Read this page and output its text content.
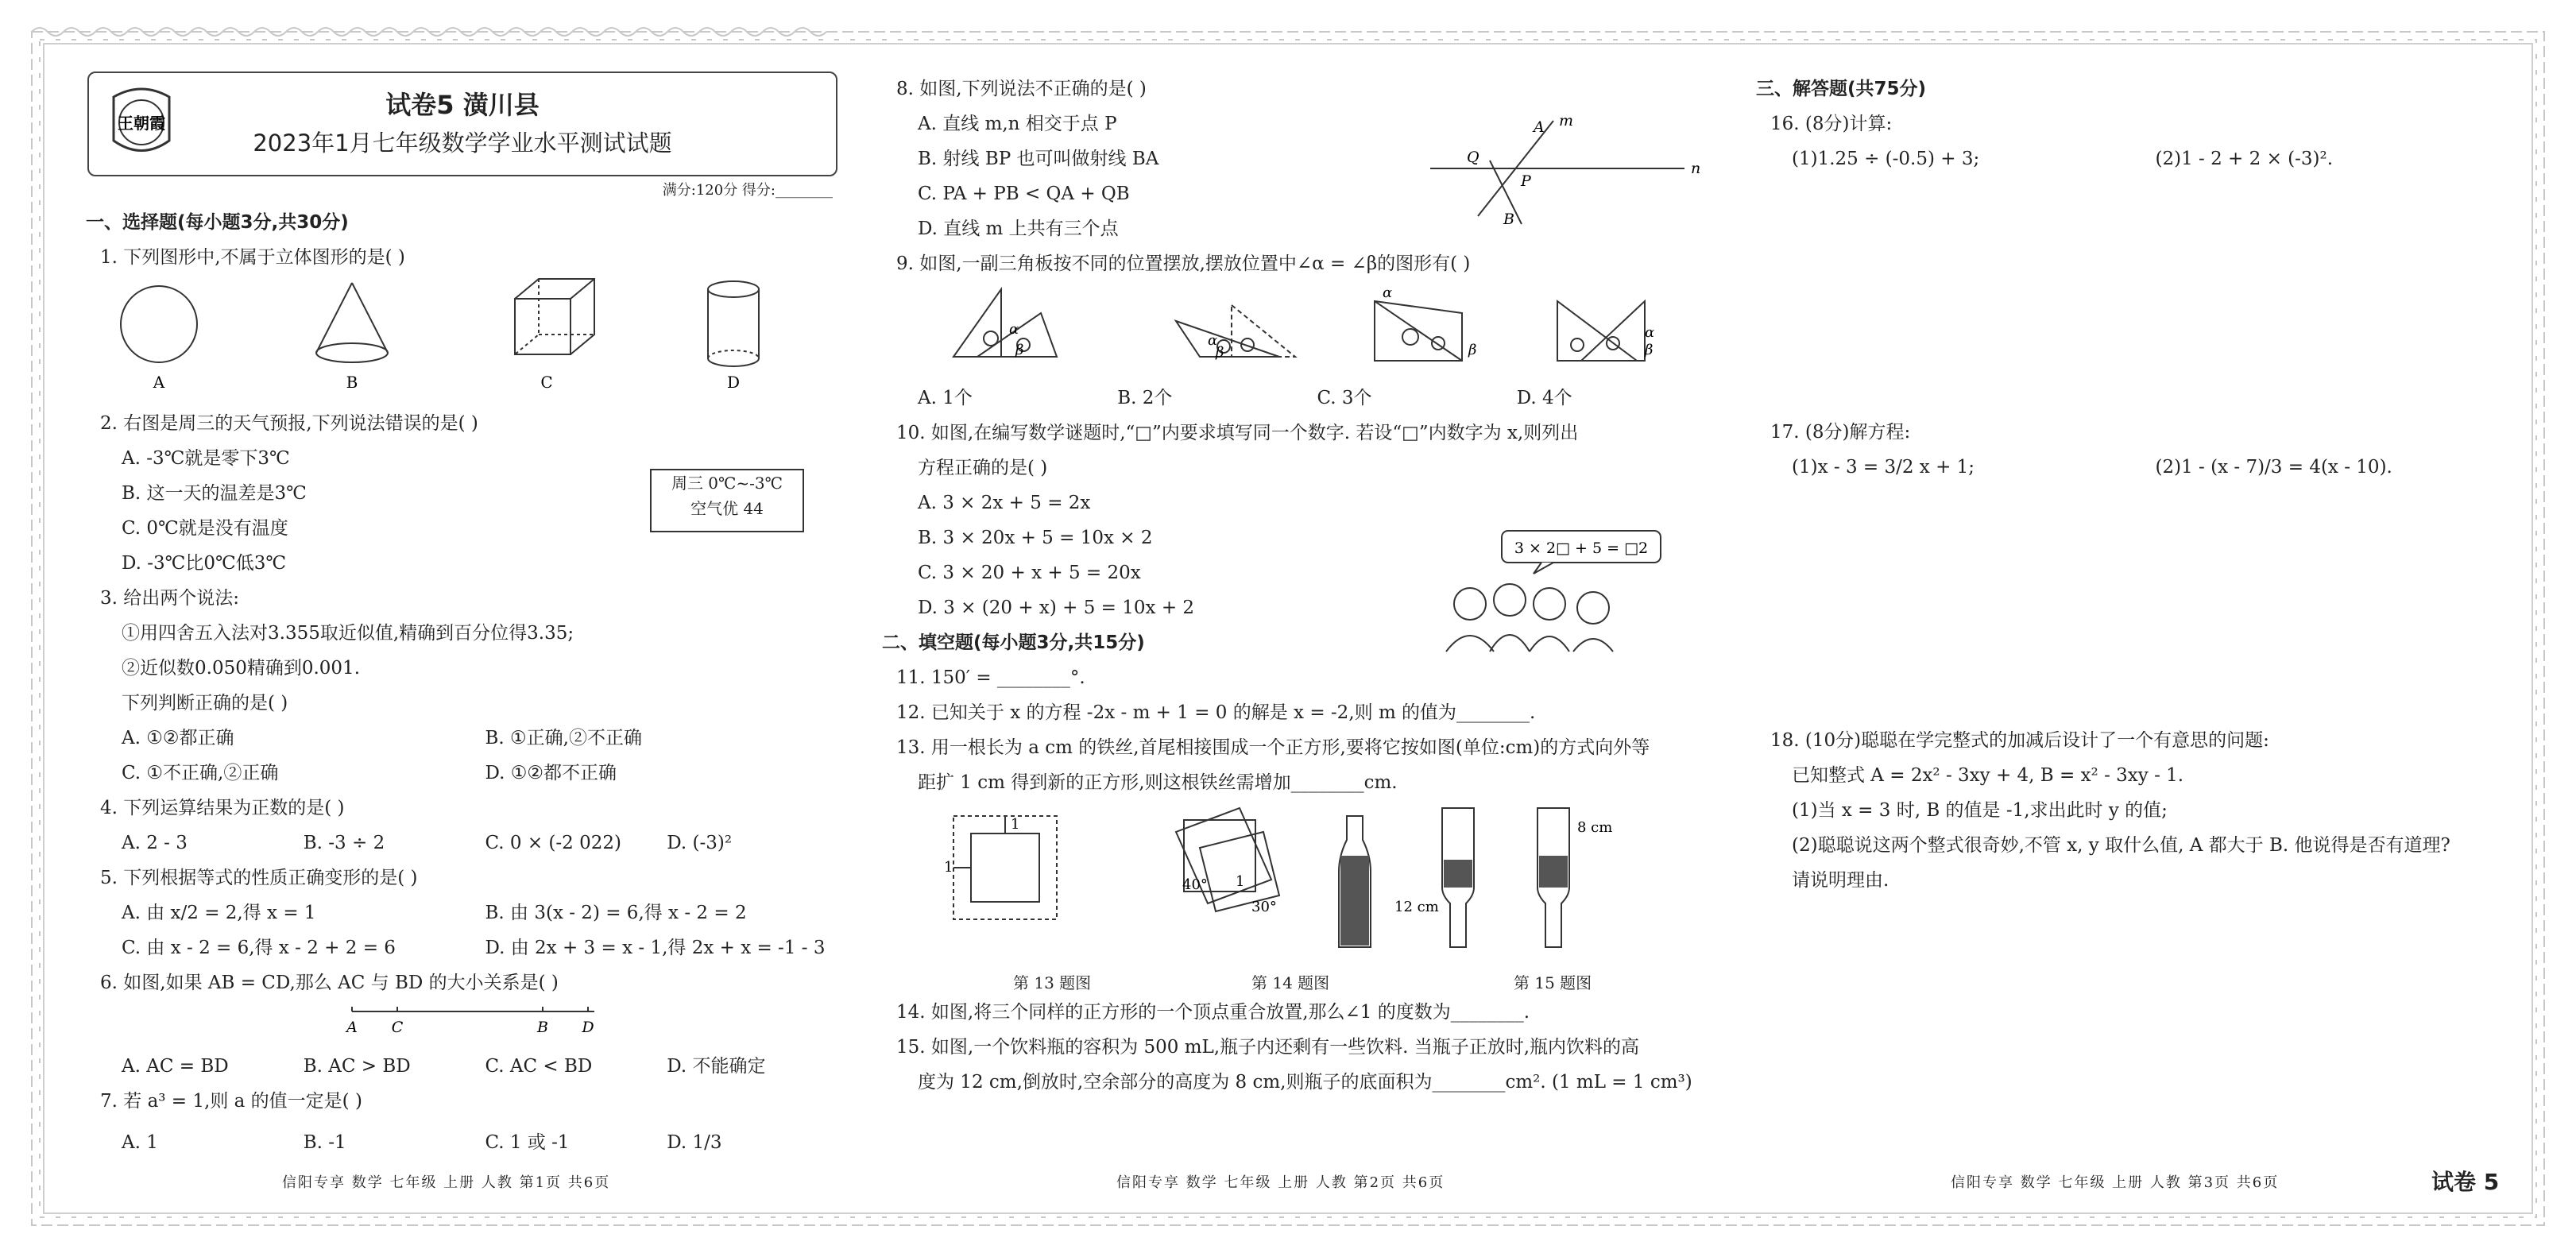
王朝霞
试卷5 潢川县
2023年1月七年级数学学业水平测试试题
满分:120分 得分:________
一、选择题(每小题3分,共30分)
1. 下列图形中,不属于立体图形的是( )
A	B	C	D
2. 右图是周三的天气预报,下列说法错误的是( )
A. -3℃就是零下3℃
B. 这一天的温差是3℃
C. 0℃就是没有温度
D. -3℃比0℃低3℃
周三 0℃~-3℃
空气优 44
3. 给出两个说法:
①用四舍五入法对3.355取近似值,精确到百分位得3.35;
②近似数0.050精确到0.001.
下列判断正确的是( )
A. ①②都正确	B. ①正确,②不正确
C. ①不正确,②正确	D. ①②都不正确
4. 下列运算结果为正数的是( )
A. 2 - 3	B. -3 ÷ 2	C. 0 × (-2 022)	D. (-3)²
5. 下列根据等式的性质正确变形的是( )
A. 由 x/2 = 2,得 x = 1	B. 由 3(x - 2) = 6,得 x - 2 = 2
C. 由 x - 2 = 6,得 x - 2 + 2 = 6	D. 由 2x + 3 = x - 1,得 2x + x = -1 - 3
6. 如图,如果 AB = CD,那么 AC 与 BD 的大小关系是( )
A C	B D
A. AC = BD	B. AC > BD	C. AC < BD	D. 不能确定
7. 若 a³ = 1,则 a 的值一定是( )
A. 1	B. -1	C. 1 或 -1	D. 1/3
8. 如图,下列说法不正确的是( )
A. 直线 m,n 相交于点 P
B. 射线 BP 也可叫做射线 BA
C. PA + PB < QA + QB
D. 直线 m 上共有三个点
A m
Q
P
n
B
9. 如图,一副三角板按不同的位置摆放,摆放位置中∠α = ∠β的图形有( )
α
β
α
β
α
β
α
β
A. 1个	B. 2个	C. 3个	D. 4个
10. 如图,在编写数学谜题时,“□”内要求填写同一个数字. 若设“□”内数字为 x,则列出
方程正确的是( )
A. 3 × 2x + 5 = 2x
B. 3 × 20x + 5 = 10x × 2
C. 3 × 20 + x + 5 = 20x
D. 3 × (20 + x) + 5 = 10x + 2
3 × 2□ + 5 = □2
二、填空题(每小题3分,共15分)
11. 150′ = ________°.
12. 已知关于 x 的方程 -2x - m + 1 = 0 的解是 x = -2,则 m 的值为________.
13. 用一根长为 a cm 的铁丝,首尾相接围成一个正方形,要将它按如图(单位:cm)的方式向外等
距扩 1 cm 得到新的正方形,则这根铁丝需增加________cm.
1
1
40° 1
30°	12 cm
8 cm
第 13 题图	第 14 题图	第 15 题图
14. 如图,将三个同样的正方形的一个顶点重合放置,那么∠1 的度数为________.
15. 如图,一个饮料瓶的容积为 500 mL,瓶子内还剩有一些饮料. 当瓶子正放时,瓶内饮料的高
度为 12 cm,倒放时,空余部分的高度为 8 cm,则瓶子的底面积为________cm². (1 mL = 1 cm³)
三、解答题(共75分)
16. (8分)计算:
(1)1.25 ÷ (-0.5) + 3;	(2)1 - 2 + 2 × (-3)².
17. (8分)解方程:
(1)x - 3 = 3/2 x + 1;	(2)1 - (x - 7)/3 = 4(x - 10).
18. (10分)聪聪在学完整式的加减后设计了一个有意思的问题:
已知整式 A = 2x² - 3xy + 4, B = x² - 3xy - 1.
(1)当 x = 3 时, B 的值是 -1,求出此时 y 的值;
(2)聪聪说这两个整式很奇妙,不管 x, y 取什么值, A 都大于 B. 他说得是否有道理?
请说明理由.
信阳专享 数学 七年级 上册 人教 第1页 共6页	信阳专享 数学 七年级 上册 人教 第2页 共6页	信阳专享 数学 七年级 上册 人教 第3页 共6页	试卷 5
